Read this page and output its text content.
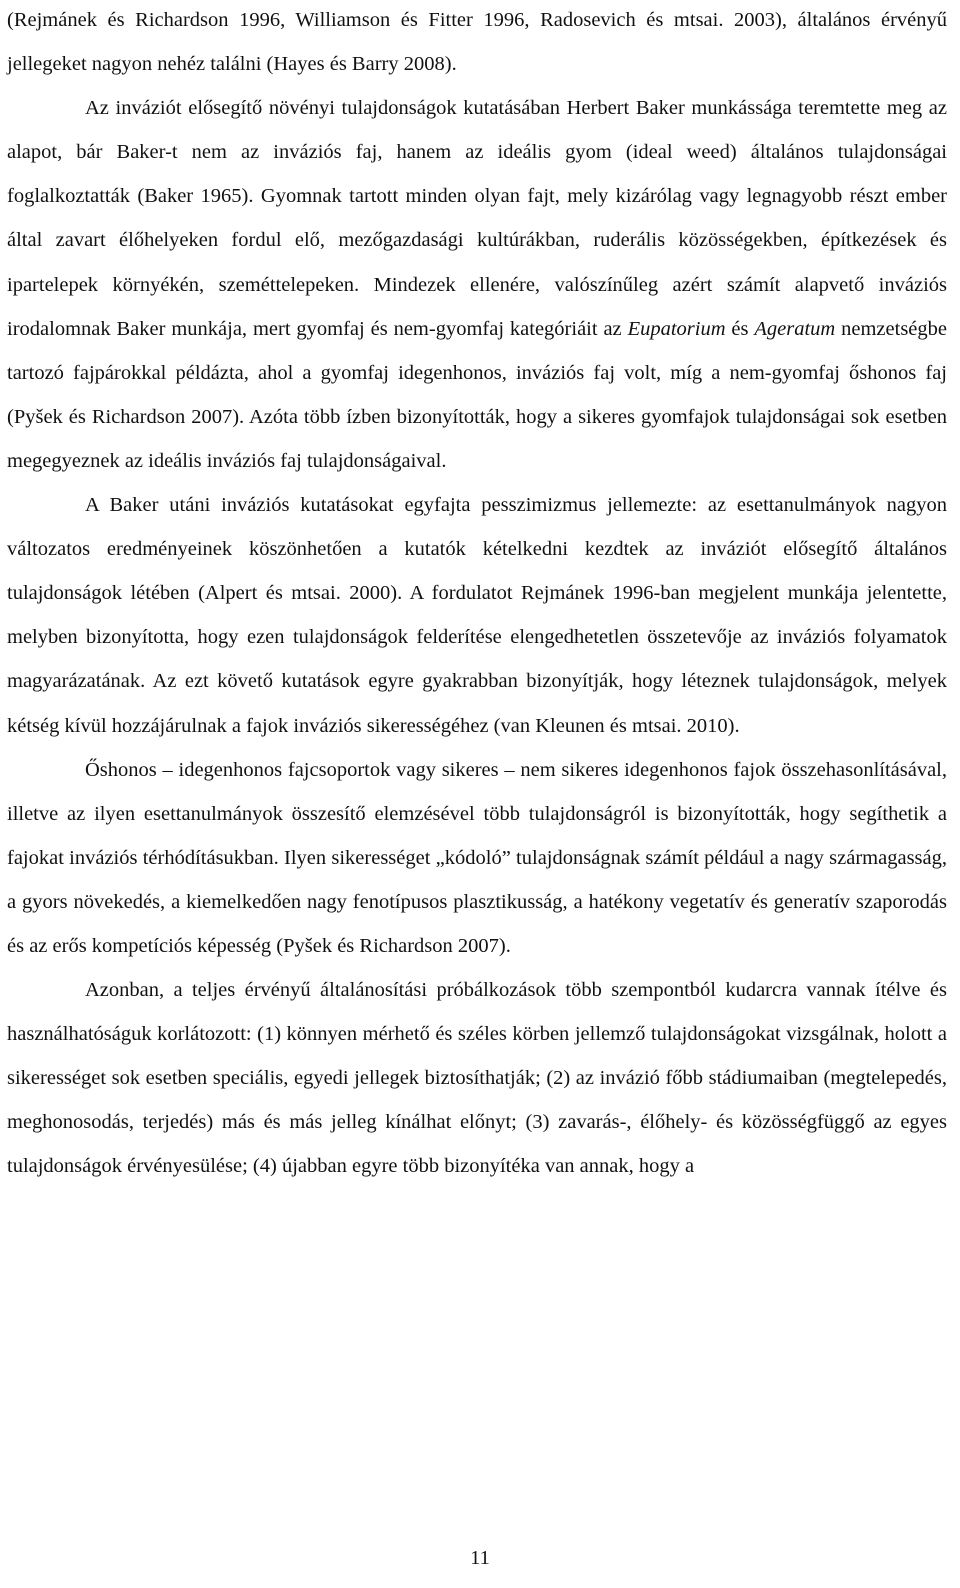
(Rejmánek és Richardson 1996, Williamson és Fitter 1996, Radosevich és mtsai. 2003), általános érvényű jellegeket nagyon nehéz találni (Hayes és Barry 2008).

Az inváziót elősegítő növényi tulajdonságok kutatásában Herbert Baker munkássága teremtette meg az alapot, bár Baker-t nem az inváziós faj, hanem az ideális gyom (ideal weed) általános tulajdonságai foglalkoztatták (Baker 1965). Gyomnak tartott minden olyan fajt, mely kizárólag vagy legnagyobb részt ember által zavart élőhelyeken fordul elő, mezőgazdasági kultúrákban, ruderális közösségekben, építkezések és ipartelepek környékén, szeméttelepeken. Mindezek ellenére, valószínűleg azért számít alapvető inváziós irodalomnak Baker munkája, mert gyomfaj és nem-gyomfaj kategóriáit az Eupatorium és Ageratum nemzetségbe tartozó fajpárokkal példázta, ahol a gyomfaj idegenhonos, inváziós faj volt, míg a nem-gyomfaj őshonos faj (Pyšek és Richardson 2007). Azóta több ízben bizonyították, hogy a sikeres gyomfajok tulajdonságai sok esetben megegyeznek az ideális inváziós faj tulajdonságaival.

A Baker utáni inváziós kutatásokat egyfajta pesszimizmus jellemezte: az esettanulmányok nagyon változatos eredményeinek köszönhetően a kutatók kételkedni kezdtek az inváziót elősegítő általános tulajdonságok létében (Alpert és mtsai. 2000). A fordulatot Rejmánek 1996-ban megjelent munkája jelentette, melyben bizonyította, hogy ezen tulajdonságok felderítése elengedhetetlen összetevője az inváziós folyamatok magyarázatának. Az ezt követő kutatások egyre gyakrabban bizonyítják, hogy léteznek tulajdonságok, melyek kétség kívül hozzájárulnak a fajok inváziós sikerességéhez (van Kleunen és mtsai. 2010).

Őshonos – idegenhonos fajcsoportok vagy sikeres – nem sikeres idegenhonos fajok összehasonlításával, illetve az ilyen esettanulmányok összesítő elemzésével több tulajdonságról is bizonyították, hogy segíthetik a fajokat inváziós térhódításukban. Ilyen sikerességet „kódoló” tulajdonságnak számít például a nagy szármagasság, a gyors növekedés, a kiemelkedően nagy fenotípusos plasztikusság, a hatékony vegetatív és generatív szaporodás és az erős kompetíciós képesség (Pyšek és Richardson 2007).

Azonban, a teljes érvényű általánosítási próbálkozások több szempontból kudarcra vannak ítélve és használhatóságuk korlátozott: (1) könnyen mérhető és széles körben jellemző tulajdonságokat vizsgálnak, holott a sikerességet sok esetben speciális, egyedi jellegek biztosíthatják; (2) az invázió főbb stádiumaiban (megtelepedés, meghonosodás, terjedés) más és más jelleg kínálhat előnyt; (3) zavarás-, élőhely- és közösségfüggő az egyes tulajdonságok érvényesülése; (4) újabban egyre több bizonyítéka van annak, hogy a

11
